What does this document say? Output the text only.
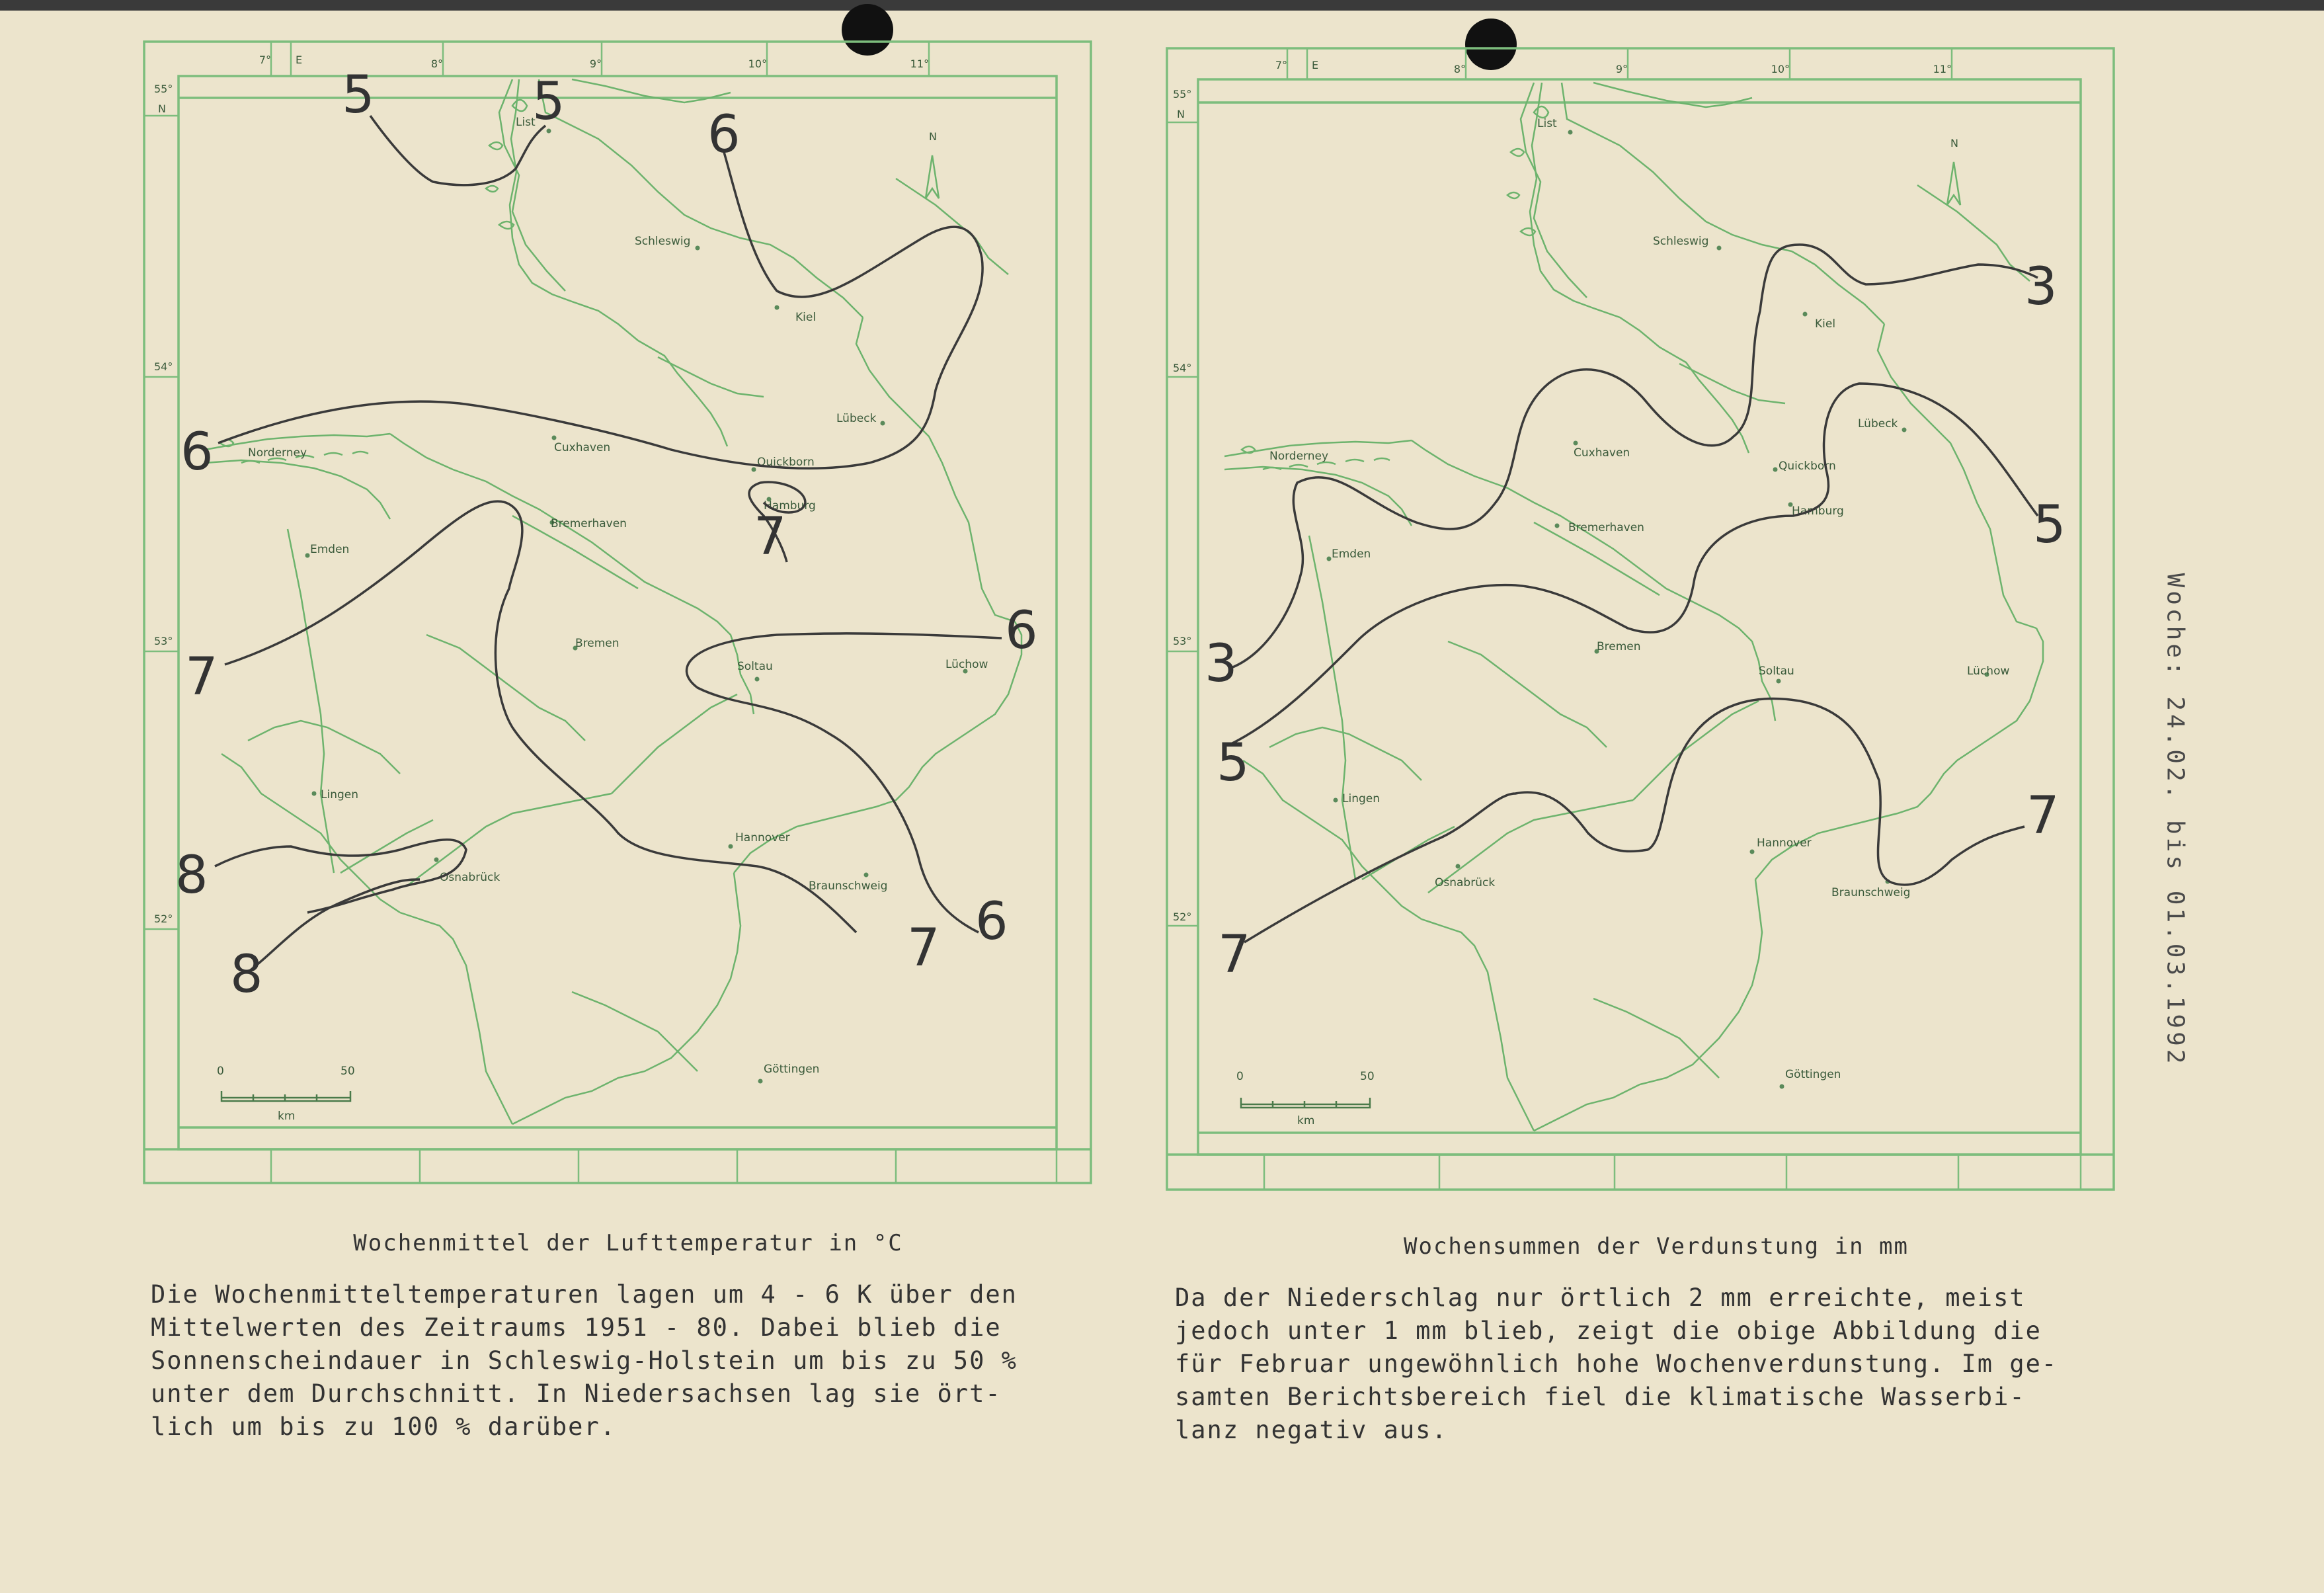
7° E	8°	9°	10°	11°
55°
N
54°
53°
52°
N
List
Schleswig
Kiel
Lübeck
Norderney	Cuxhaven
Quickborn
Hamburg
Bremerhaven
Emden
Bremen
Soltau	Lüchow
Lingen
Osnabrück
Hannover
Braunschweig
Göttingen
0	50
km
5	5
6
6
7
7
6
8
8	7 6
7° E	8°	9°	10°	11°
55°
N
54°
53°
52°
N
List
Schleswig
Kiel
Lübeck
Norderney	Cuxhaven
Quickborn
Hamburg
Bremerhaven
Emden
Bremen
Soltau	Lüchow
Lingen
Osnabrück
Hannover
Braunschweig
Göttingen
0	50
km
3
5
3
5
7
7
Wochenmittel der Lufttemperatur in °C
Die Wochenmitteltemperaturen lagen um 4 - 6 K über den
Mittelwerten des Zeitraums 1951 - 80. Dabei blieb die
Sonnenscheindauer in Schleswig-Holstein um bis zu 50 %
unter dem Durchschnitt. In Niedersachsen lag sie ört-
lich um bis zu 100 % darüber.
Wochensummen der Verdunstung in mm
Da der Niederschlag nur örtlich 2 mm erreichte, meist
jedoch unter 1 mm blieb, zeigt die obige Abbildung die
für Februar ungewöhnlich hohe Wochenverdunstung. Im ge-
samten Berichtsbereich fiel die klimatische Wasserbi-
lanz negativ aus.
Woche: 24.02. bis 01.03.1992
